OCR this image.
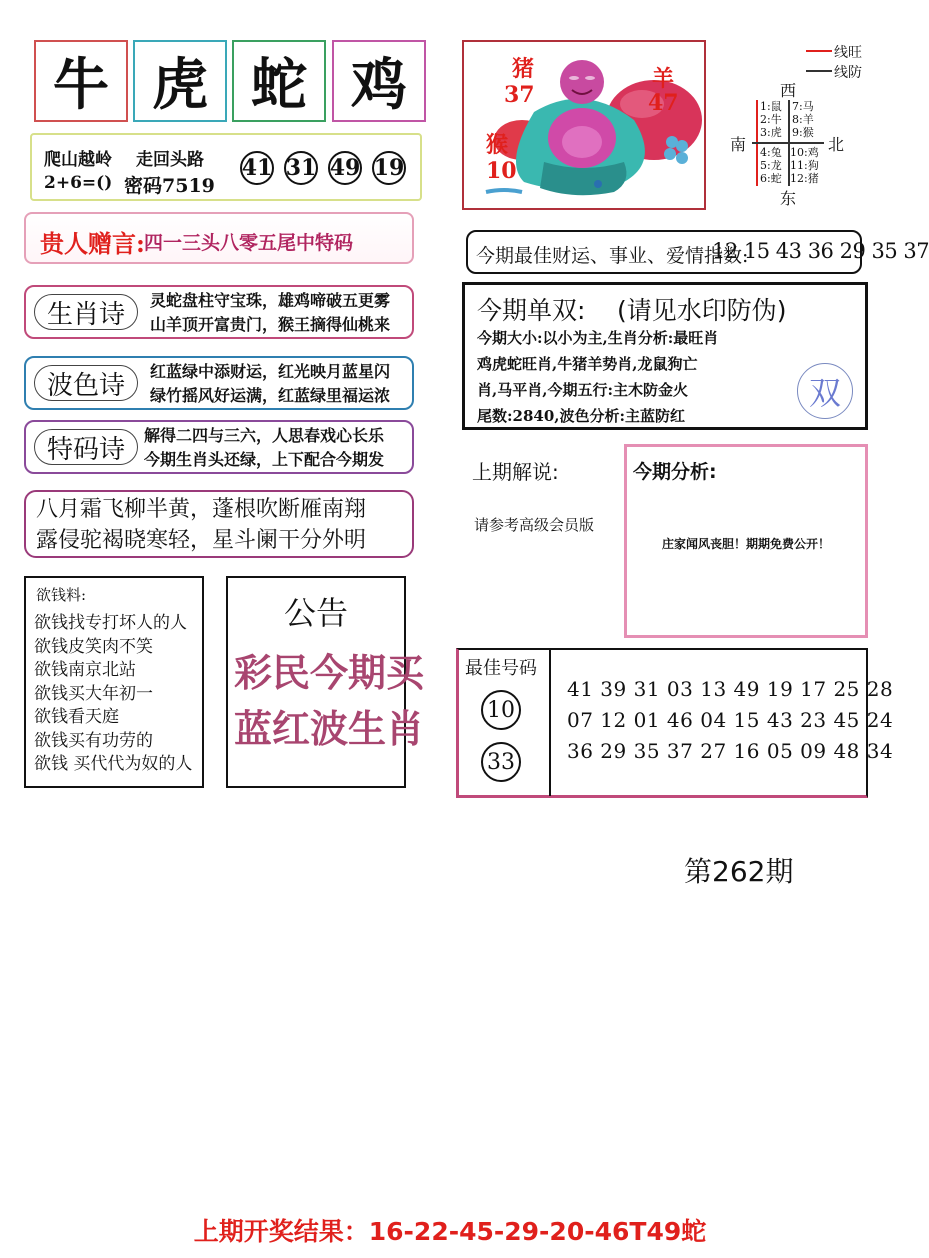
牛 虎 蛇 鸡
爬山越岭 走回头路
2+6=() 密码7519
41 31 49 19
贵人赠言: 四一三头八零五尾中特码
生肖诗	灵蛇盘柱守宝珠，雄鸡啼破五更雾
山羊顶开富贵门，猴王摘得仙桃来
波色诗	红蓝绿中添财运，红光映月蓝星闪
绿竹摇风好运满，红蓝绿里福运浓
特码诗	解得二四与三六，人思春戏心长乐
今期生肖头还绿，上下配合今期发
八月霜飞柳半黄，蓬根吹断雁南翔
露侵驼褐晓寒轻，星斗阑干分外明
欲钱料:
欲钱找专打坏人的人
欲钱皮笑肉不笑
欲钱南京北站
欲钱买大年初一
欲钱看天庭
欲钱买有功劳的
欲钱 买代代为奴的人
公告
彩民今期买
蓝红波生肖
猪
37
猴
10
羊
47
线旺
线防
西
南	北
东
1:鼠
2:牛
3:虎
7:马
8:羊
9:猴
4:兔
5:龙
6:蛇
10:鸡
11:狗
12:猪
今期最佳财运、事业、爱情指数:
12 15 43 36 29 35 37
今期单双: (请见水印防伪)
今期大小:以小为主,生肖分析:最旺肖
鸡虎蛇旺肖,牛猪羊势肖,龙鼠狗亡
肖,马平肖,今期五行:主木防金火
尾数:2840,波色分析:主蓝防红
双
上期解说:
请参考高级会员版
今期分析:
庄家闻风丧胆！期期免费公开！
最佳号码
10
33
41 39 31 03 13 49 19 17 25 28
07 12 01 46 04 15 43 23 45 24
36 29 35 37 27 16 05 09 48 34
第262期
上期开奖结果：16-22-45-29-20-46T49蛇
